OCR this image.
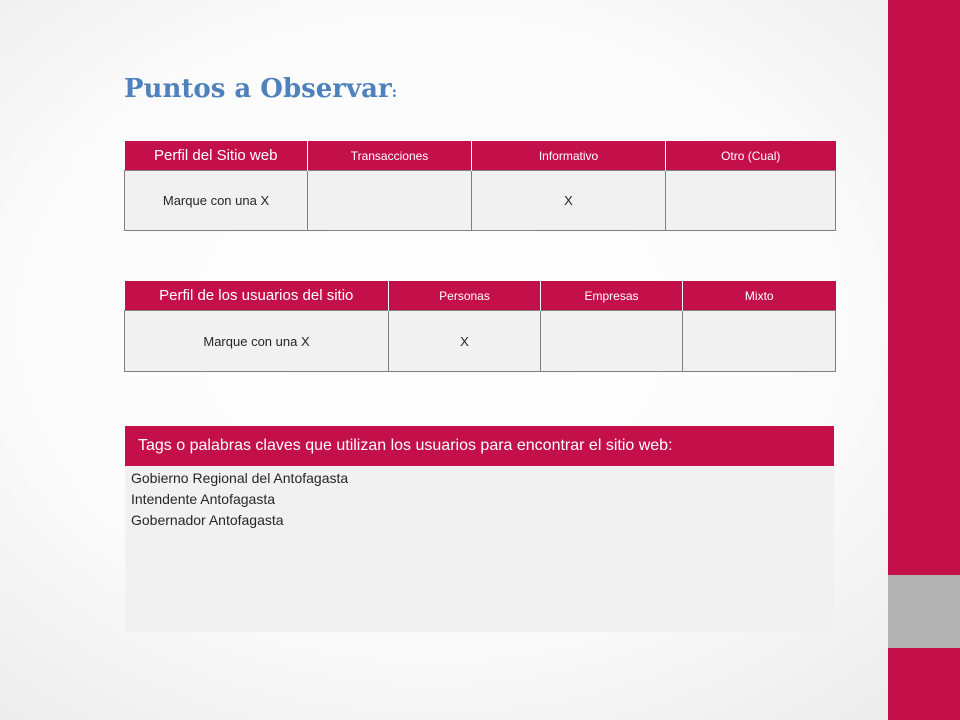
Puntos a Observar:
Perfil del Sitio web	Transacciones	Informativo	Otro (Cual)
Marque con una X		X	
Perfil de los usuarios del sitio	Personas	Empresas	Mixto
Marque con una X	X		
Tags o palabras claves que utilizan los usuarios para encontrar el sitio web:
Gobierno Regional del Antofagasta
Intendente Antofagasta
Gobernador Antofagasta
